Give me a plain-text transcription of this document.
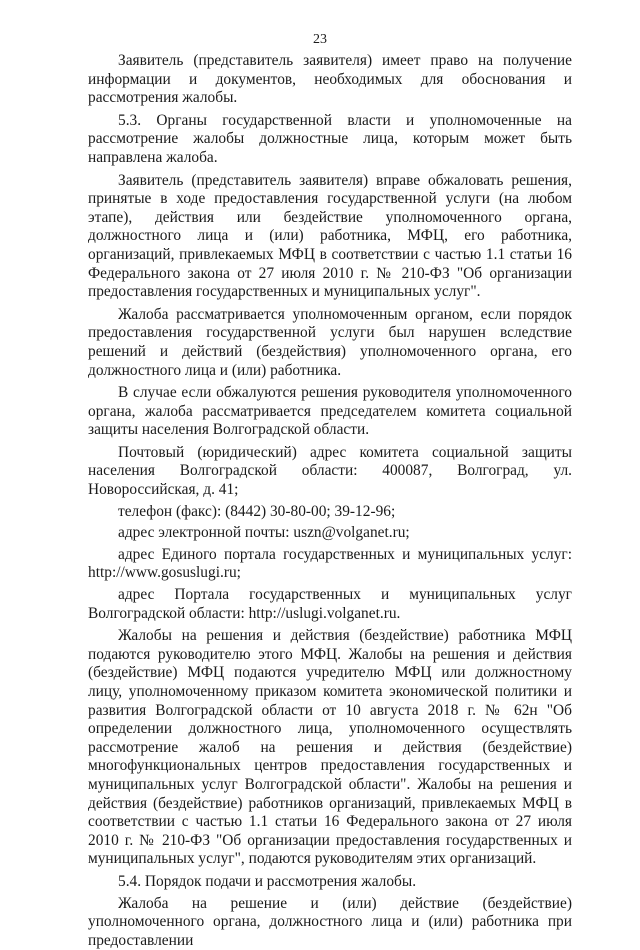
23

Заявитель (представитель заявителя) имеет право на получение информации и документов, необходимых для обоснования и рассмотрения жалобы.

5.3. Органы государственной власти и уполномоченные на рассмотрение жалобы должностные лица, которым может быть направлена жалоба.

Заявитель (представитель заявителя) вправе обжаловать решения, принятые в ходе предоставления государственной услуги (на любом этапе), действия или бездействие уполномоченного органа, должностного лица и (или) работника, МФЦ, его работника, организаций, привлекаемых МФЦ в соответствии с частью 1.1 статьи 16 Федерального закона от 27 июля 2010 г. № 210-ФЗ "Об организации предоставления государственных и муниципальных услуг".

Жалоба рассматривается уполномоченным органом, если порядок предоставления государственной услуги был нарушен вследствие решений и действий (бездействия) уполномоченного органа, его должностного лица и (или) работника.

В случае если обжалуются решения руководителя уполномоченного органа, жалоба рассматривается председателем комитета социальной защиты населения Волгоградской области.

Почтовый (юридический) адрес комитета социальной защиты населения Волгоградской области: 400087, Волгоград, ул. Новороссийская, д. 41;

телефон (факс): (8442) 30-80-00; 39-12-96;

адрес электронной почты: uszn@volganet.ru;

адрес Единого портала государственных и муниципальных услуг: http://www.gosuslugi.ru;

адрес Портала государственных и муниципальных услуг Волгоградской области: http://uslugi.volganet.ru.

Жалобы на решения и действия (бездействие) работника МФЦ подаются руководителю этого МФЦ. Жалобы на решения и действия (бездействие) МФЦ подаются учредителю МФЦ или должностному лицу, уполномоченному приказом комитета экономической политики и развития Волгоградской области от 10 августа 2018 г. № 62н "Об определении должностного лица, уполномоченного осуществлять рассмотрение жалоб на решения и действия (бездействие) многофункциональных центров предоставления государственных и муниципальных услуг Волгоградской области". Жалобы на решения и действия (бездействие) работников организаций, привлекаемых МФЦ в соответствии с частью 1.1 статьи 16 Федерального закона от 27 июля 2010 г. № 210-ФЗ "Об организации предоставления государственных и муниципальных услуг", подаются руководителям этих организаций.

5.4. Порядок подачи и рассмотрения жалобы.

Жалоба на решение и (или) действие (бездействие) уполномоченного органа, должностного лица и (или) работника при предоставлении
